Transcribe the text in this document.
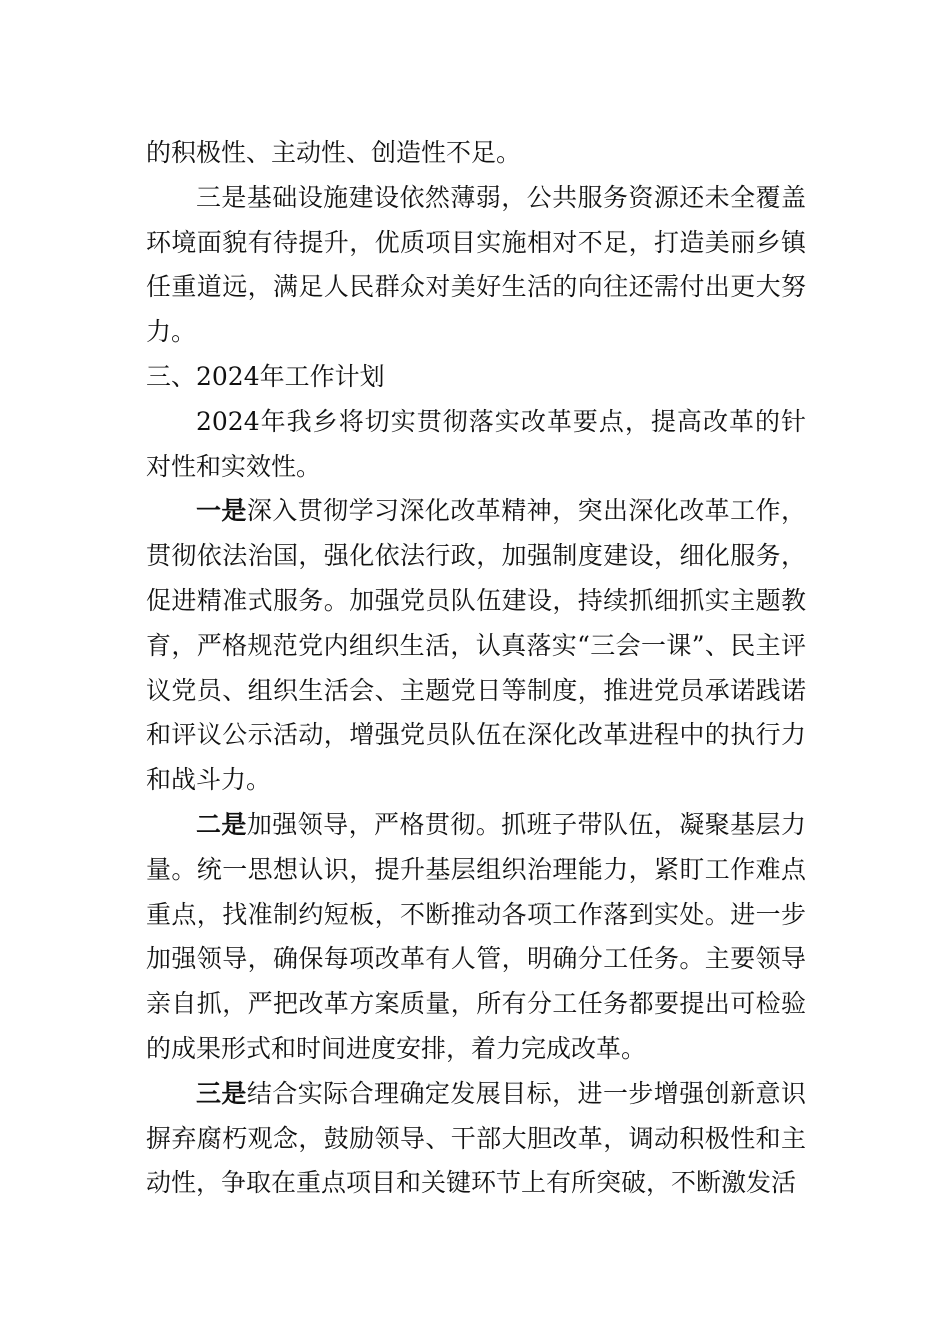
的积极性、主动性、创造性不足。

三是基础设施建设依然薄弱，公共服务资源还未全覆盖环境面貌有待提升，优质项目实施相对不足，打造美丽乡镇任重道远，满足人民群众对美好生活的向往还需付出更大努力。

三、2024年工作计划

2024年我乡将切实贯彻落实改革要点，提高改革的针对性和实效性。

一是深入贯彻学习深化改革精神，突出深化改革工作，贯彻依法治国，强化依法行政，加强制度建设，细化服务，促进精准式服务。加强党员队伍建设，持续抓细抓实主题教育，严格规范党内组织生活，认真落实“三会一课”、民主评议党员、组织生活会、主题党日等制度，推进党员承诺践诺和评议公示活动，增强党员队伍在深化改革进程中的执行力和战斗力。

二是加强领导，严格贯彻。抓班子带队伍，凝聚基层力量。统一思想认识，提升基层组织治理能力，紧盯工作难点重点，找准制约短板，不断推动各项工作落到实处。进一步加强领导，确保每项改革有人管，明确分工任务。主要领导亲自抓，严把改革方案质量，所有分工任务都要提出可检验的成果形式和时间进度安排，着力完成改革。

三是结合实际合理确定发展目标，进一步增强创新意识摒弃腐朽观念，鼓励领导、干部大胆改革，调动积极性和主动性，争取在重点项目和关键环节上有所突破，不断激发活
